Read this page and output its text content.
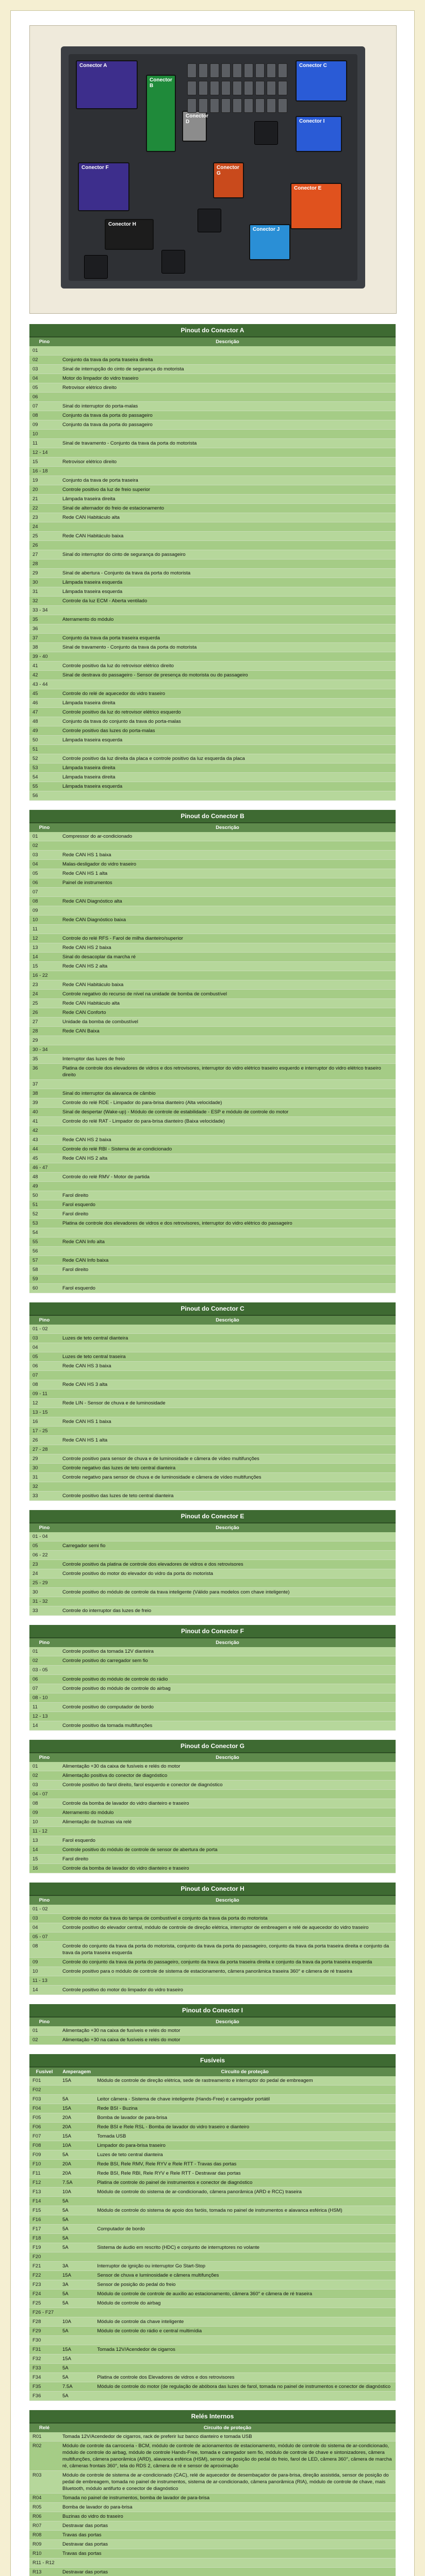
Conector A
Conector B
Conector C
Conector D
Conector E
Conector F	Conector G
Conector H
Conector I
Conector J
Pinout do Conector A
Pino	Descrição
01	
02	Conjunto da trava da porta traseira direita
03	Sinal de interrupção do cinto de segurança do motorista
04	Motor do limpador do vidro traseiro
05	Retrovisor elétrico direito
06	
07	Sinal do interruptor do porta-malas
08	Conjunto da trava da porta do passageiro
09	Conjunto da trava da porta do passageiro
10	
11	Sinal de travamento - Conjunto da trava da porta do motorista
12 - 14	
15	Retrovisor elétrico direito
16 - 18	
19	Conjunto da trava de porta traseira
20	Controle positivo da luz de freio superior
21	Lâmpada traseira direita
22	Sinal de alternador do freio de estacionamento
23	Rede CAN Habitáculo alta
24	
25	Rede CAN Habitáculo baixa
26	
27	Sinal do interruptor do cinto de segurança do passageiro
28	
29	Sinal de abertura - Conjunto da trava da porta do motorista
30	Lâmpada traseira esquerda
31	Lâmpada traseira esquerda
32	Controle da luz ECM - Aberta ventilado
33 - 34	
35	Aterramento do módulo
36	
37	Conjunto da trava da porta traseira esquerda
38	Sinal de travamento - Conjunto da trava da porta do motorista
39 - 40	
41	Controle positivo da luz do retrovisor elétrico direito
42	Sinal de destrava do passageiro - Sensor de presença do motorista ou do passageiro
43 - 44	
45	Controle do relé de aquecedor do vidro traseiro
46	Lâmpada traseira direita
47	Controle positivo da luz do retrovisor elétrico esquerdo
48	Conjunto da trava do conjunto da trava do porta-malas
49	Controle positivo das luzes do porta-malas
50	Lâmpada traseira esquerda
51	
52	Controle positivo da luz direita da placa e controle positivo da luz esquerda da placa
53	Lâmpada traseira direita
54	Lâmpada traseira direita
55	Lâmpada traseira esquerda
56	
Pinout do Conector B
Pino	Descrição
01	Compressor do ar-condicionado
02	
03	Rede CAN HS 1 baixa
04	Malas-desligador do vidro traseiro
05	Rede CAN HS 1 alta
06	Painel de instrumentos
07	
08	Rede CAN Diagnóstico alta
09	
10	Rede CAN Diagnóstico baixa
11	
12	Controle do relé RFS - Farol de milha dianteiro/superior
13	Rede CAN HS 2 baixa
14	Sinal do desacoplar da marcha ré
15	Rede CAN HS 2 alta
16 - 22	
23	Rede CAN Habitáculo baixa
24	Controle negativo do recurso de nível na unidade de bomba de combustível
25	Rede CAN Habitáculo alta
26	Rede CAN Conforto
27	Unidade da bomba de combustível
28	Rede CAN Baixa
29	
30 - 34	
35	Interruptor das luzes de freio
36	Platina de controle dos elevadores de vidros e dos retrovisores, interruptor do vidro elétrico traseiro esquerdo e interruptor do vidro elétrico traseiro direito
37	
38	Sinal do interruptor da alavanca de câmbio
39	Controle do relé RDE - Limpador do para-brisa dianteiro (Alta velocidade)
40	Sinal de despertar (Wake-up) - Módulo de controle de estabilidade - ESP e módulo de controle do motor
41	Controle do relé RAT - Limpador do para-brisa dianteiro (Baixa velocidade)
42	
43	Rede CAN HS 2 baixa
44	Controle do relé RBI - Sistema de ar-condicionado
45	Rede CAN HS 2 alta
46 - 47	
48	Controle do relé RMV - Motor de partida
49	
50	Farol direito
51	Farol esquerdo
52	Farol direito
53	Platina de controle dos elevadores de vidros e dos retrovisores, interruptor do vidro elétrico do passageiro
54	
55	Rede CAN Info alta
56	
57	Rede CAN Info baixa
58	Farol direito
59	
60	Farol esquerdo
Pinout do Conector C
Pino	Descrição
01 - 02	
03	Luzes de teto central dianteira
04	
05	Luzes de teto central traseira
06	Rede CAN HS 3 baixa
07	
08	Rede CAN HS 3 alta
09 - 11	
12	Rede LIN - Sensor de chuva e de luminosidade
13 - 15	
16	Rede CAN HS 1 baixa
17 - 25	
26	Rede CAN HS 1 alta
27 - 28	
29	Controle positivo para sensor de chuva e de luminosidade e câmera de vídeo multifunções
30	Controle negativo das luzes de teto central dianteira
31	Controle negativo para sensor de chuva e de luminosidade e câmera de vídeo multifunções
32	
33	Controle positivo das luzes de teto central dianteira
Pinout do Conector E
Pino	Descrição
01 - 04	
05	Carregador semi fio
06 - 22	
23	Controle positivo da platina de controle dos elevadores de vidros e dos retrovisores
24	Controle positivo do motor do elevador do vidro da porta do motorista
25 - 29	
30	Controle positivo do módulo de controle da trava inteligente (Válido para modelos com chave inteligente)
31 - 32	
33	Controle do interruptor das luzes de freio
Pinout do Conector F
Pino	Descrição
01	Controle positivo da tomada 12V dianteira
02	Controle positivo do carregador sem fio
03 - 05	
06	Controle positivo do módulo de controle do rádio
07	Controle positivo do módulo de controle do airbag
08 - 10	
11	Controle positivo do computador de bordo
12 - 13	
14	Controle positivo da tomada multifunções
Pinout do Conector G
Pino	Descrição
01	Alimentação +30 da caixa de fusíveis e relés do motor
02	Alimentação positiva do conector de diagnóstico
03	Controle positivo do farol direito, farol esquerdo e conector de diagnóstico
04 - 07	
08	Controle da bomba de lavador do vidro dianteiro e traseiro
09	Aterramento do módulo
10	Alimentação de buzinas via relé
11 - 12	
13	Farol esquerdo
14	Controle positivo do módulo de controle de sensor de abertura de porta
15	Farol direito
16	Controle da bomba de lavador do vidro dianteiro e traseiro
Pinout do Conector H
Pino	Descrição
01 - 02	
03	Controle do motor da trava do tampa de combustível e conjunto da trava da porta do motorista
04	Controle positivo do elevador central, módulo de controle de direção elétrica, interruptor de embreagem e relé de aquecedor do vidro traseiro
05 - 07	
08	Controle do conjunto da trava da porta do motorista, conjunto da trava da porta do passageiro, conjunto da trava da porta traseira direita e conjunto da trava da porta traseira esquerda
09	Controle do conjunto da trava da porta do passageiro, conjunto da trava da porta traseira direita e conjunto da trava da porta traseira esquerda
10	Controle positivo para o módulo de controle de sistema de estacionamento, câmera panorâmica traseira 360° e câmera de ré traseira
11 - 13	
14	Controle positivo do motor do limpador do vidro traseiro
Pinout do Conector I
Pino	Descrição
01	Alimentação +30 na caixa de fusíveis e relés do motor
02	Alimentação +30 na caixa de fusíveis e relés do motor
Fusíveis
Fusível	Amperagem	Circuito de proteção
F01	15A	Módulo de controle de direção elétrica, sede de rastreamento e interruptor do pedal de embreagem
F02		
F03	5A	Leitor câmera - Sistema de chave inteligente (Hands-Free) e carregador portátil
F04	15A	Rede BSI - Buzina
F05	20A	Bomba de lavador de para-brisa
F06	20A	Rede BSI e Rele RSL - Bomba de lavador do vidro traseiro e dianteiro
F07	15A	Tomada USB
F08	10A	Limpador do para-brisa traseiro
F09	5A	Luzes de teto central dianteira
F10	20A	Rede BSI, Rele RMV, Rele RYV e Rele RTT - Travas das portas
F11	20A	Rede BSI, Rele RBI, Rele RYV e Rele RTT - Destravar das portas
F12	7.5A	Platina de controle do painel de instrumentos e conector de diagnóstico
F13	10A	Módulo de controle do sistema de ar-condicionado, câmera panorâmica (ARD e RCC) traseira
F14	5A	
F15	5A	Módulo de controle do sistema de apoio dos faróis, tomada no painel de instrumentos e alavanca esférica (HSM)
F16	5A	
F17	5A	Computador de bordo
F18	5A	
F19	5A	Sistema de áudio em rescrito (HDC) e conjunto de interruptores no volante
F20		
F21	3A	Interruptor de ignição ou interruptor Go Start-Stop
F22	15A	Sensor de chuva e luminosidade e câmera multifunções
F23	3A	Sensor de posição do pedal do freio
F24	5A	Módulo de controle de controle de auxílio ao estacionamento, câmera 360° e câmera de ré traseira
F25	5A	Módulo de controle do airbag
F26 - F27		
F28	10A	Módulo de controle da chave inteligente
F29	5A	Módulo de controle do rádio e central multimídia
F30		
F31	15A	Tomada 12V/Acendedor de cigarros
F32	15A	
F33	5A	
F34	5A	Platina de controle dos Elevadores de vidros e dos retrovisores
F35	7.5A	Módulo de controle do motor (de regulação de abóbora das luzes de farol, tomada no painel de instrumentos e conector de diagnóstico
F36	5A	
Relés Internos
Relé	Circuito de proteção
R01	Tomada 12V/Acendedor de cigarros, rack de preferir luz banco dianteiro e tomada USB
R02	Módulo de controle da carroceria - BCM, módulo de controle de acionamentos de estacionamento, módulo de controle do sistema de ar-condicionado, módulo de controle do airbag, módulo de controle Hands-Free, tomada e carregador sem fio, módulo de controle de chave e sintonizadores, câmera multifunções, câmera panorâmica (ARD), alavanca esférica (HSM), sensor de posição do pedal do freio, farol de LED, câmera 360°, câmera de marcha ré, câmeras frontais 360°, tela do RDS 2, câmera de ré e sensor de aproximação
R03	Módulo de controle de sistema de ar-condicionado (CAC), relé de aquecedor de desembaçador de para-brisa, direção assistida, sensor de posição do pedal de embreagem, tomada no painel de instrumentos, sistema de ar-condicionado, câmera panorâmica (RIA), módulo de controle de chave, mais Bluetooth, módulo antifurto e conector de diagnóstico
R04	Tomada no painel de instrumentos, bomba de lavador de para-brisa
R05	Bomba de lavador do para-brisa
R06	Buzinas do vidro do traseiro
R07	Destravar das portas
R08	Travas das portas
R09	Destravar das portas
R10	Travas das portas
R11 - R12	
R13	Destravar das portas
